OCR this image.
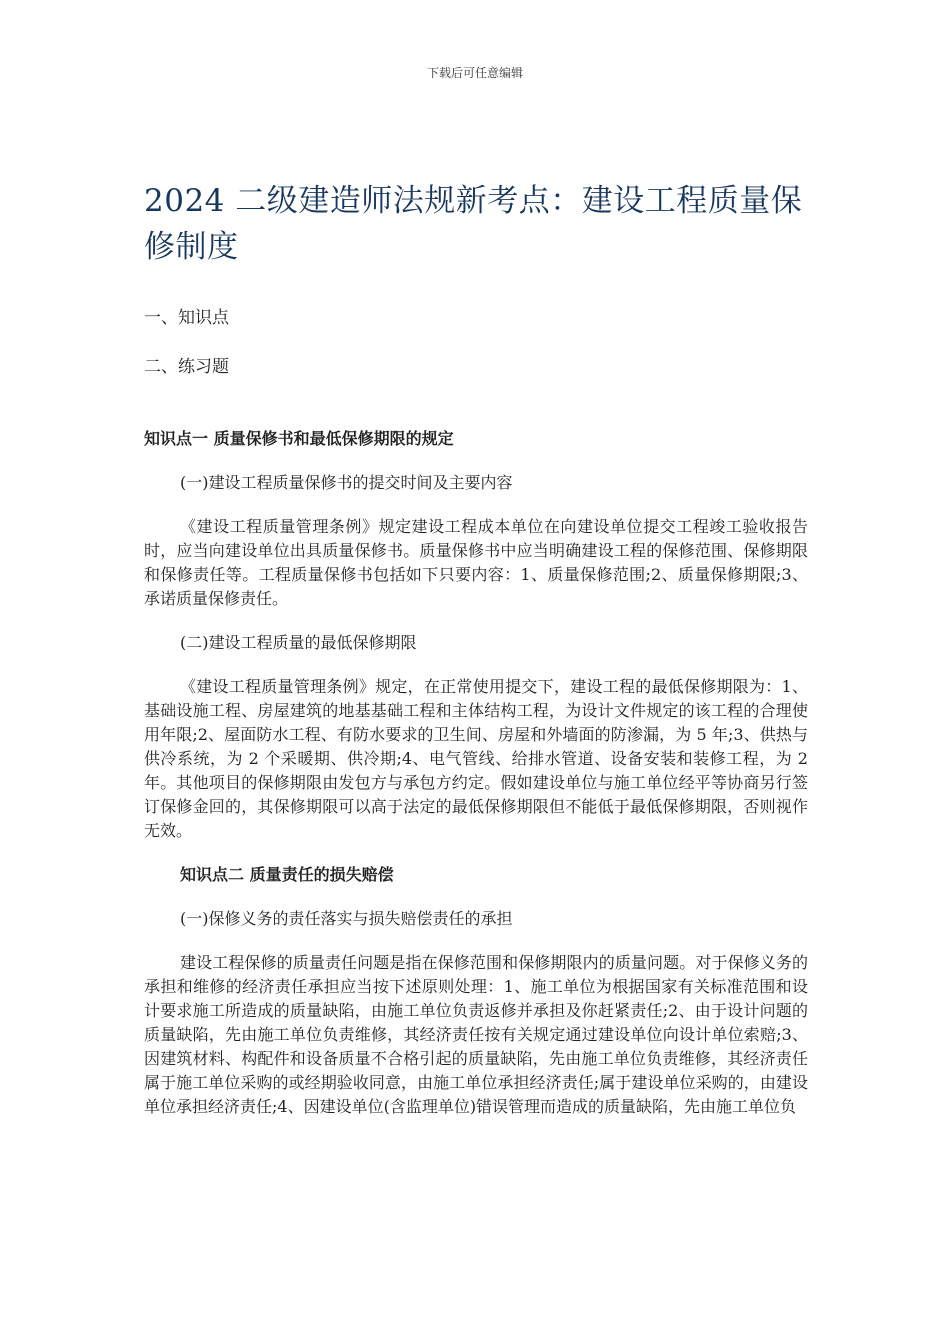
下载后可任意编辑
2024 二级建造师法规新考点：建设工程质量保修制度
一、知识点
二、练习题
知识点一 质量保修书和最低保修期限的规定
(一)建设工程质量保修书的提交时间及主要内容
《建设工程质量管理条例》规定建设工程成本单位在向建设单位提交工程竣工验收报告时，应当向建设单位出具质量保修书。质量保修书中应当明确建设工程的保修范围、保修期限和保修责任等。工程质量保修书包括如下只要内容：1、质量保修范围;2、质量保修期限;3、承诺质量保修责任。
(二)建设工程质量的最低保修期限
《建设工程质量管理条例》规定，在正常使用提交下，建设工程的最低保修期限为：1、基础设施工程、房屋建筑的地基基础工程和主体结构工程，为设计文件规定的该工程的合理使用年限;2、屋面防水工程、有防水要求的卫生间、房屋和外墙面的防渗漏，为 5 年;3、供热与供冷系统，为 2 个采暖期、供冷期;4、电气管线、给排水管道、设备安装和装修工程，为 2 年。其他项目的保修期限由发包方与承包方约定。假如建设单位与施工单位经平等协商另行签订保修金回的，其保修期限可以高于法定的最低保修期限但不能低于最低保修期限，否则视作无效。
知识点二 质量责任的损失赔偿
(一)保修义务的责任落实与损失赔偿责任的承担
建设工程保修的质量责任问题是指在保修范围和保修期限内的质量问题。对于保修义务的承担和维修的经济责任承担应当按下述原则处理：1、施工单位为根据国家有关标准范围和设计要求施工所造成的质量缺陷，由施工单位负责返修并承担及你赶紧责任;2、由于设计问题的质量缺陷，先由施工单位负责维修，其经济责任按有关规定通过建设单位向设计单位索赔;3、因建筑材料、构配件和设备质量不合格引起的质量缺陷，先由施工单位负责维修，其经济责任属于施工单位采购的或经期验收同意，由施工单位承担经济责任;属于建设单位采购的，由建设单位承担经济责任;4、因建设单位(含监理单位)错误管理而造成的质量缺陷，先由施工单位负
